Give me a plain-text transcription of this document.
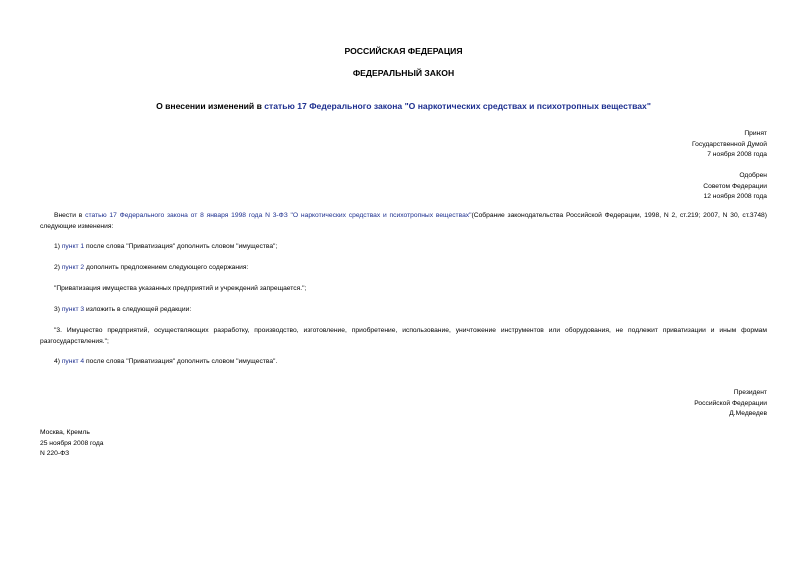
РОССИЙСКАЯ ФЕДЕРАЦИЯ
ФЕДЕРАЛЬНЫЙ ЗАКОН
О внесении изменений в статью 17 Федерального закона "О наркотических средствах и психотропных веществах"
Принят
Государственной Думой
7 ноября 2008 года
Одобрен
Советом Федерации
12 ноября 2008 года
Внести в статью 17 Федерального закона от 8 января 1998 года N 3-ФЗ "О наркотических средствах и психотропных веществах"(Собрание законодательства Российской Федерации, 1998, N 2, ст.219; 2007, N 30, ст.3748) следующие изменения:
1) пункт 1 после слова "Приватизация" дополнить словом "имущества";
2) пункт 2 дополнить предложением следующего содержания:
"Приватизация имущества указанных предприятий и учреждений запрещается.";
3) пункт 3 изложить в следующей редакции:
"3. Имущество предприятий, осуществляющих разработку, производство, изготовление, приобретение, использование, уничтожение инструментов или оборудования, не подлежит приватизации и иным формам разгосударствления.";
4) пункт 4 после слова "Приватизация" дополнить словом "имущества".
Президент
Российской Федерации
Д.Медведев
Москва, Кремль
25 ноября 2008 года
N 220-ФЗ
